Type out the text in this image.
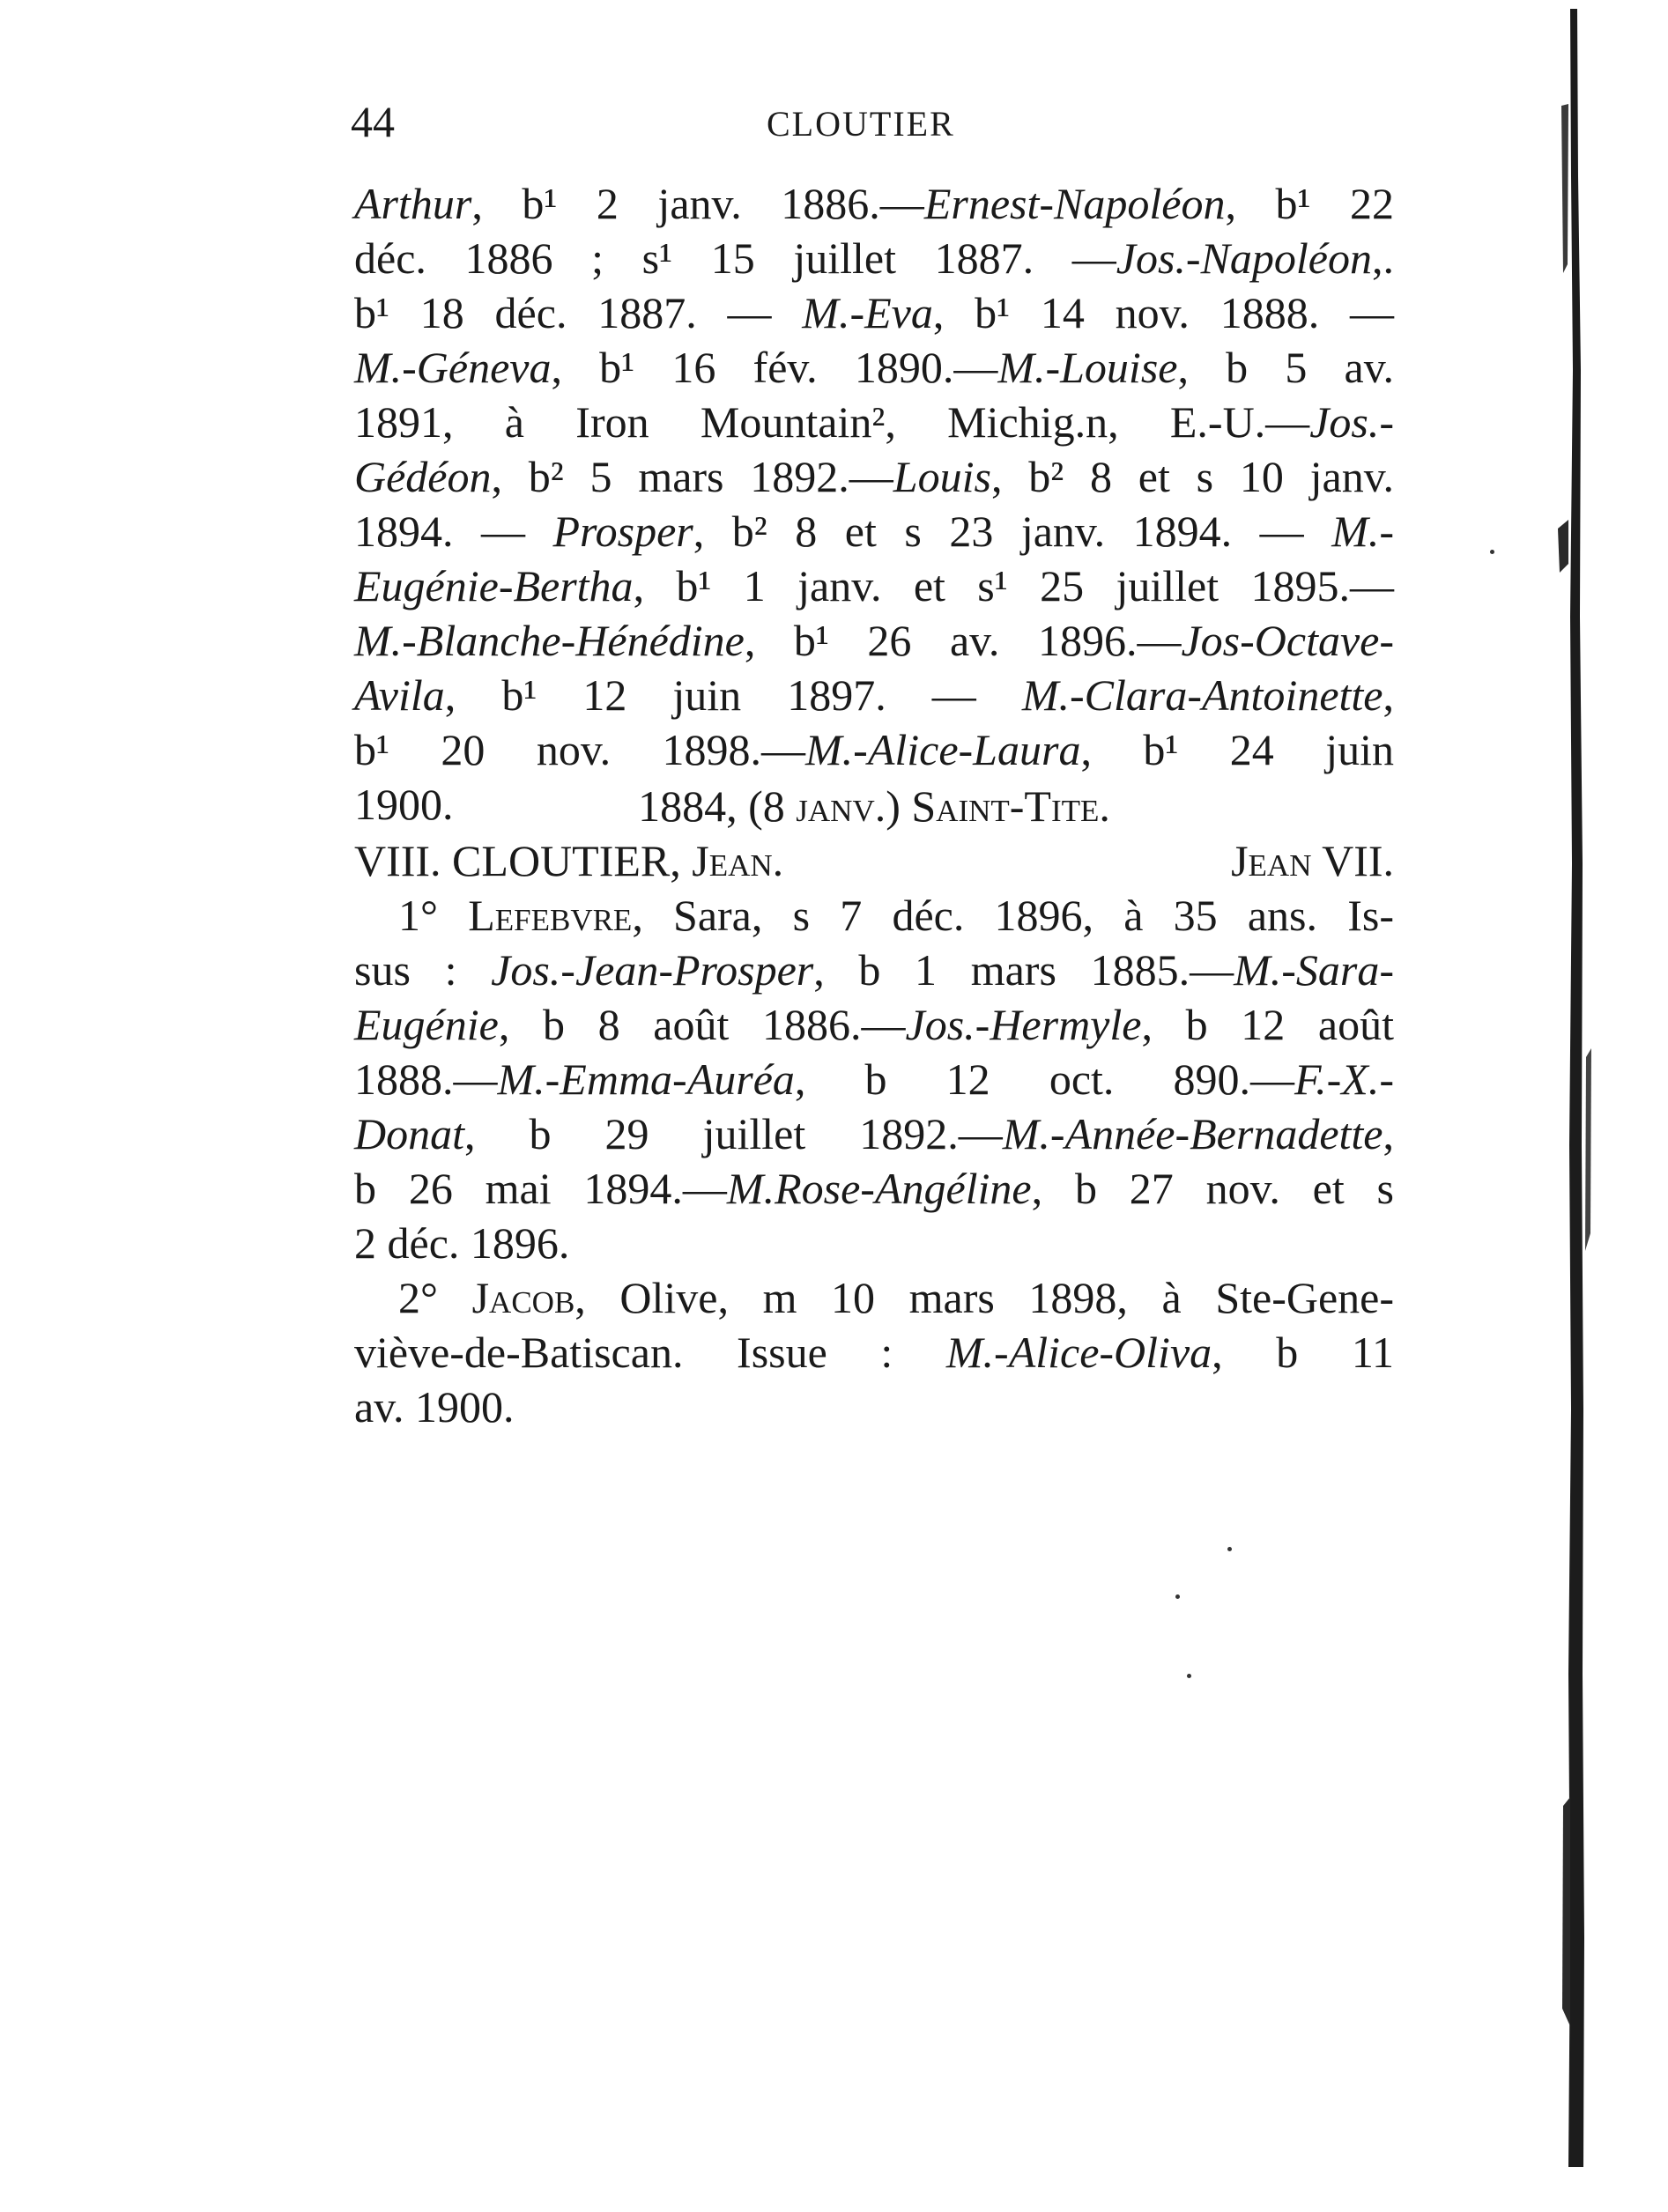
44	CLOUTIER
Arthur, b¹ 2 janv. 1886.—Ernest-Napoléon, b¹ 22
déc. 1886 ; s¹ 15 juillet 1887. —Jos.-Napoléon,.
b¹ 18 déc. 1887. — M.-Eva, b¹ 14 nov. 1888. —
M.-Géneva, b¹ 16 fév. 1890.—M.-Louise, b 5 av.
1891, à Iron Mountain², Michig.n, E.-U.—Jos.-
Gédéon, b² 5 mars 1892.—Louis, b² 8 et s 10 janv.
1894. — Prosper, b² 8 et s 23 janv. 1894. — M.-
Eugénie-Bertha, b¹ 1 janv. et s¹ 25 juillet 1895.—
M.-Blanche-Hénédine, b¹ 26 av. 1896.—Jos-Octave-
Avila, b¹ 12 juin 1897. — M.-Clara-Antoinette,
b¹ 20 nov. 1898.—M.-Alice-Laura, b¹ 24 juin
1900.	1884, (8 janv.) Saint-Tite.
VIII. CLOUTIER, Jean.	Jean VII.
1° Lefebvre, Sara, s 7 déc. 1896, à 35 ans. Is-
sus : Jos.-Jean-Prosper, b 1 mars 1885.—M.-Sara-
Eugénie, b 8 août 1886.—Jos.-Hermyle, b 12 août
1888.—M.-Emma-Auréa, b 12 oct. 890.—F.-X.-
Donat, b 29 juillet 1892.—M.-Année-Bernadette,
b 26 mai 1894.—M.Rose-Angéline, b 27 nov. et s
2 déc. 1896.
2° Jacob, Olive, m 10 mars 1898, à Ste-Gene-
viève-de-Batiscan. Issue : M.-Alice-Oliva, b 11
av. 1900.
